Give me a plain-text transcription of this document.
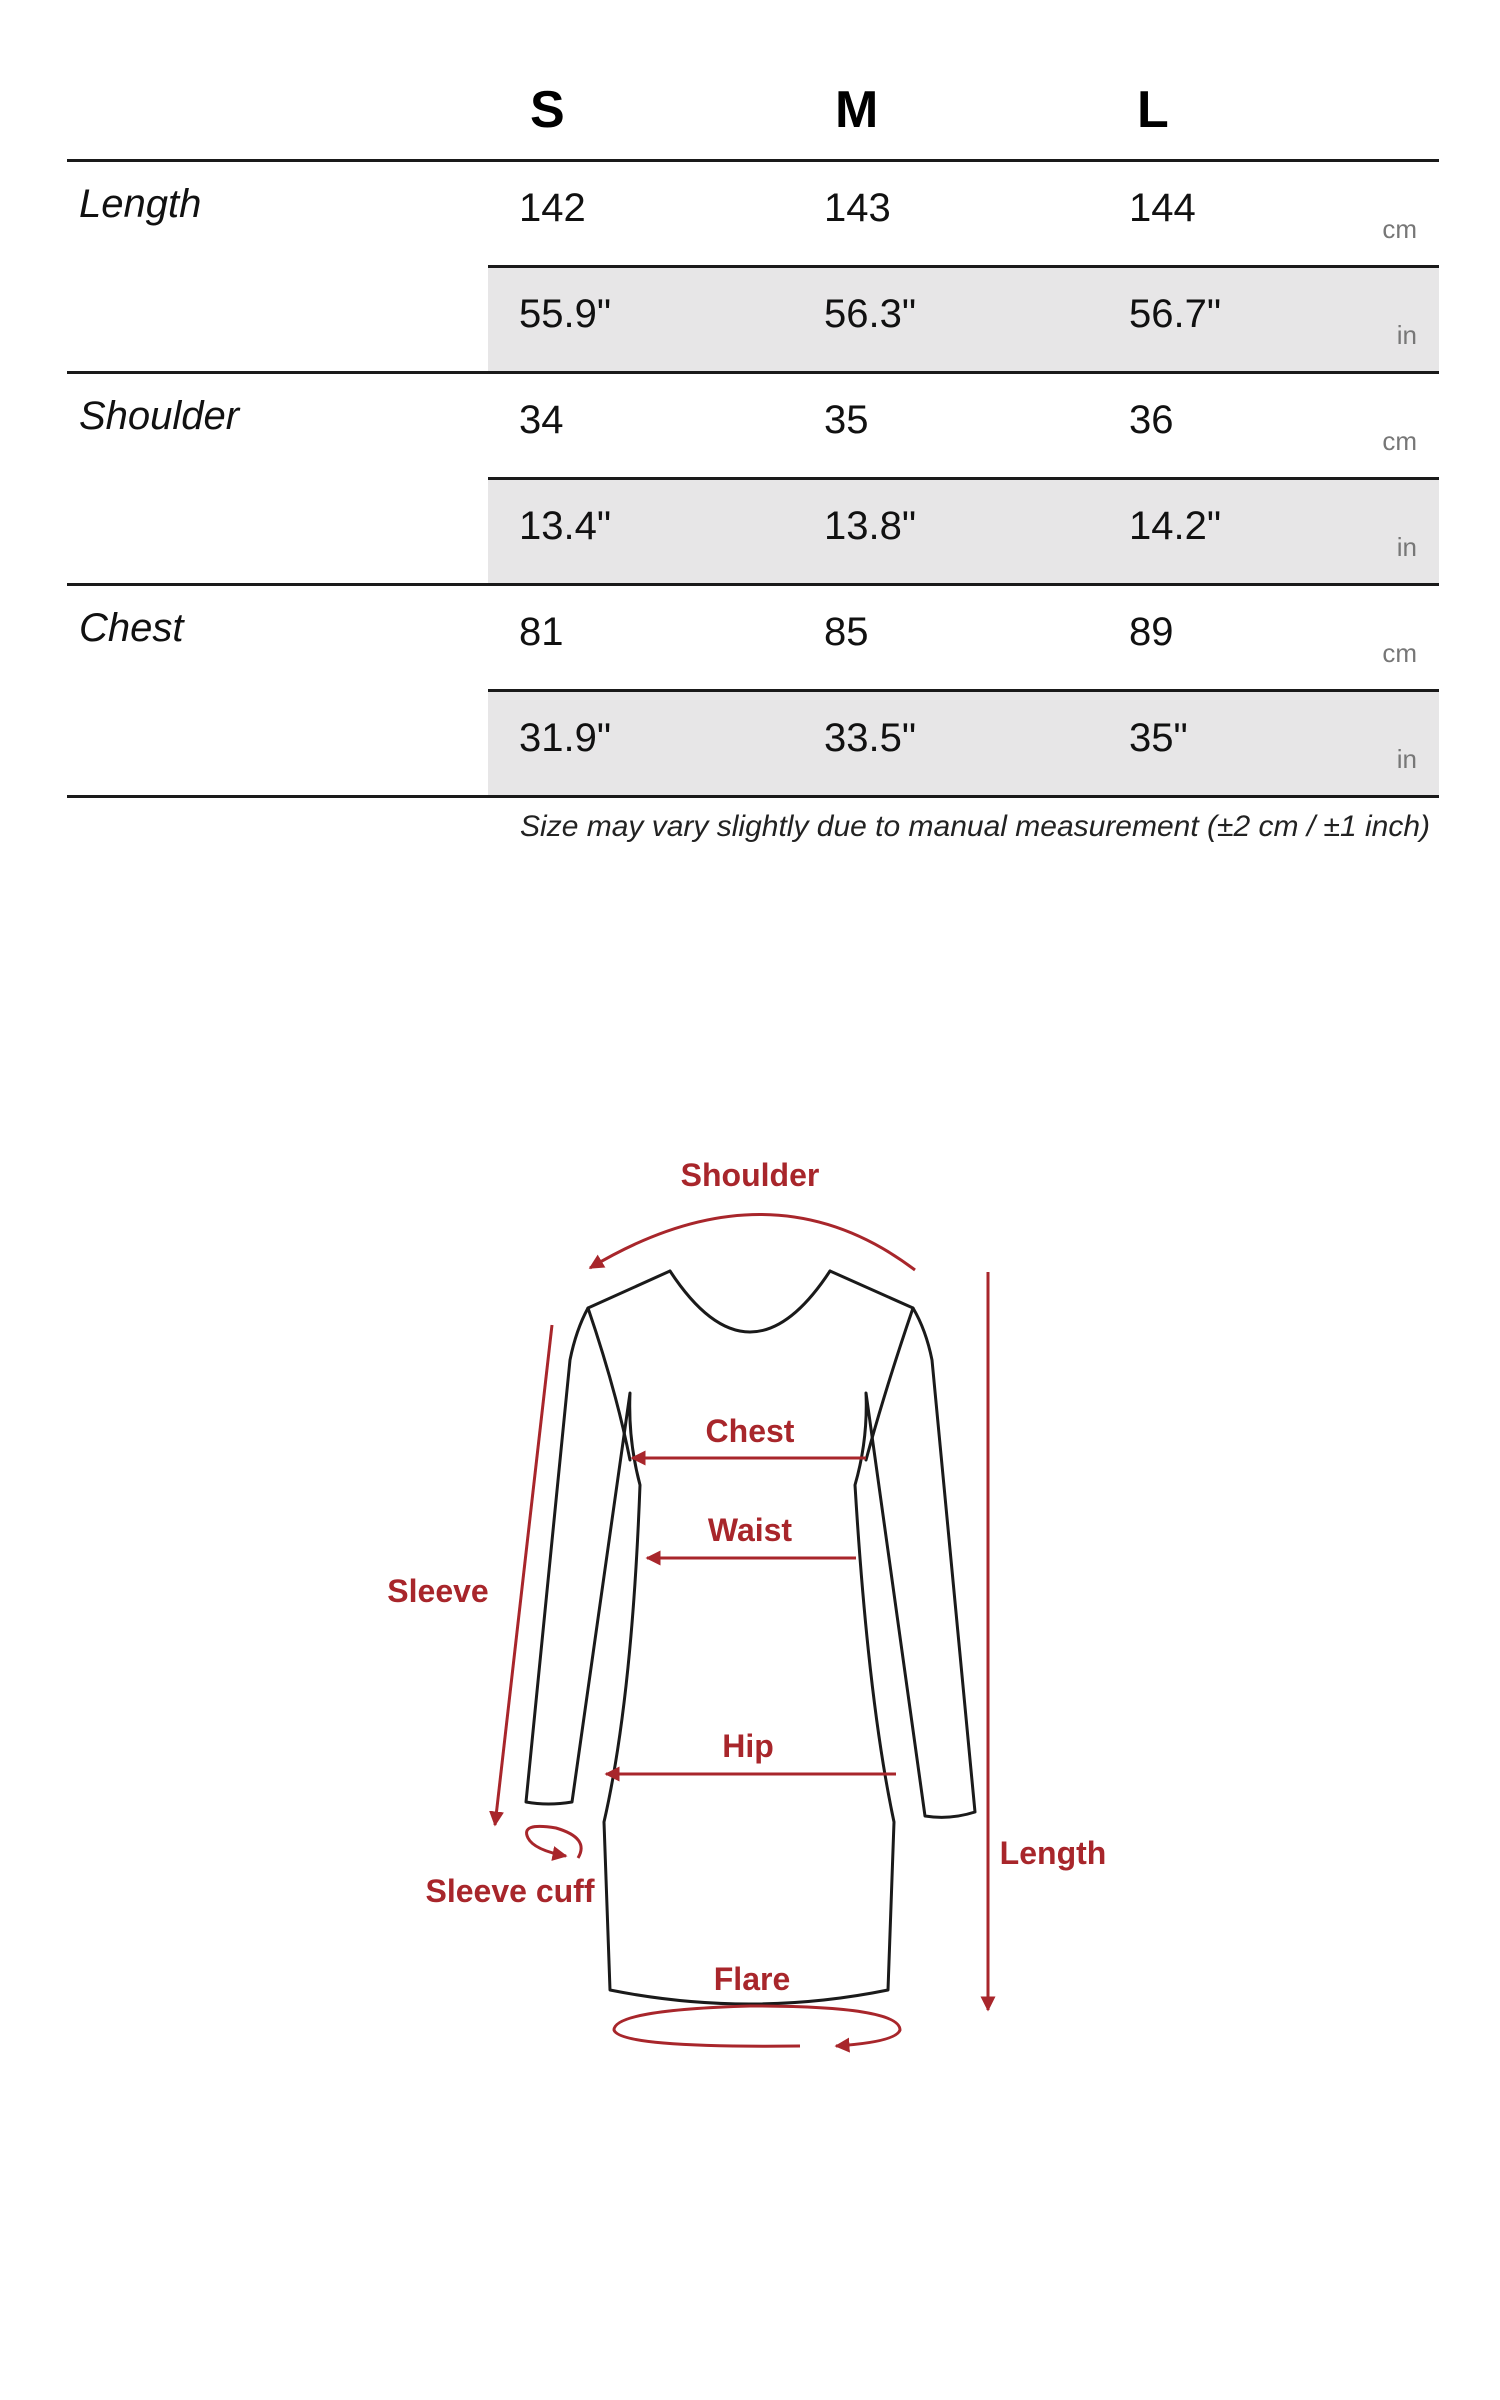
S	M	L
Length	142	143	144	cm
55.9"	56.3"	56.7"	in
Shoulder	34	35	36	cm
13.4"	13.8"	14.2"	in
Chest	81	85	89	cm
31.9"	33.5"	35"	in
Size may vary slightly due to manual measurement (±2 cm / ±1 inch)
Shoulder
Chest
Waist
Sleeve
Hip
Sleeve cuff
Length
Flare
